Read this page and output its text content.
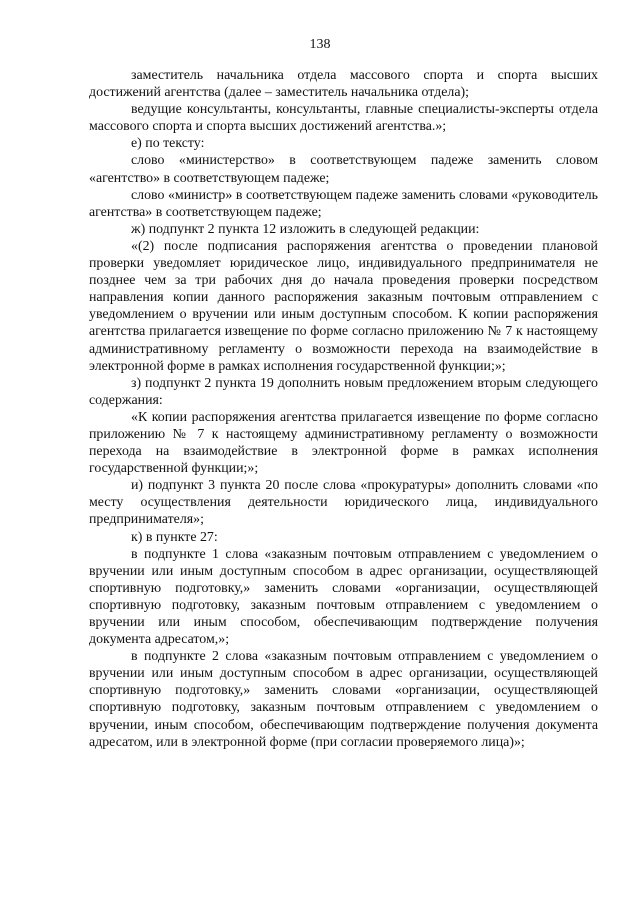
138

заместитель начальника отдела массового спорта и спорта высших достижений агентства (далее – заместитель начальника отдела);

ведущие консультанты, консультанты, главные специалисты-эксперты отдела массового спорта и спорта высших достижений агентства.»;

е) по тексту:

слово «министерство» в соответствующем падеже заменить словом «агентство» в соответствующем падеже;

слово «министр» в соответствующем падеже заменить словами «руководитель агентства» в соответствующем падеже;

ж) подпункт 2 пункта 12 изложить в следующей редакции:

«(2) после подписания распоряжения агентства о проведении плановой проверки уведомляет юридическое лицо, индивидуального предпринимателя не позднее чем за три рабочих дня до начала проведения проверки посредством направления копии данного распоряжения заказным почтовым отправлением с уведомлением о вручении или иным доступным способом. К копии распоряжения агентства прилагается извещение по форме согласно приложению № 7 к настоящему административному регламенту о возможности перехода на взаимодействие в электронной форме в рамках исполнения государственной функции;»;

з) подпункт 2 пункта 19 дополнить новым предложением вторым следующего содержания:

«К копии распоряжения агентства прилагается извещение по форме согласно приложению № 7 к настоящему административному регламенту о возможности перехода на взаимодействие в электронной форме в рамках исполнения государственной функции;»;

и) подпункт 3 пункта 20 после слова «прокуратуры» дополнить словами «по месту осуществления деятельности юридического лица, индивидуального предпринимателя»;

к) в пункте 27:

в подпункте 1 слова «заказным почтовым отправлением с уведомлением о вручении или иным доступным способом в адрес организации, осуществляющей спортивную подготовку,» заменить словами «организации, осуществляющей спортивную подготовку, заказным почтовым отправлением с уведомлением о вручении или иным способом, обеспечивающим подтверждение получения документа адресатом,»;

в подпункте 2 слова «заказным почтовым отправлением с уведомлением о вручении или иным доступным способом в адрес организации, осуществляющей спортивную подготовку,» заменить словами «организации, осуществляющей спортивную подготовку, заказным почтовым отправлением с уведомлением о вручении, иным способом, обеспечивающим подтверждение получения документа адресатом, или в электронной форме (при согласии проверяемого лица)»;
